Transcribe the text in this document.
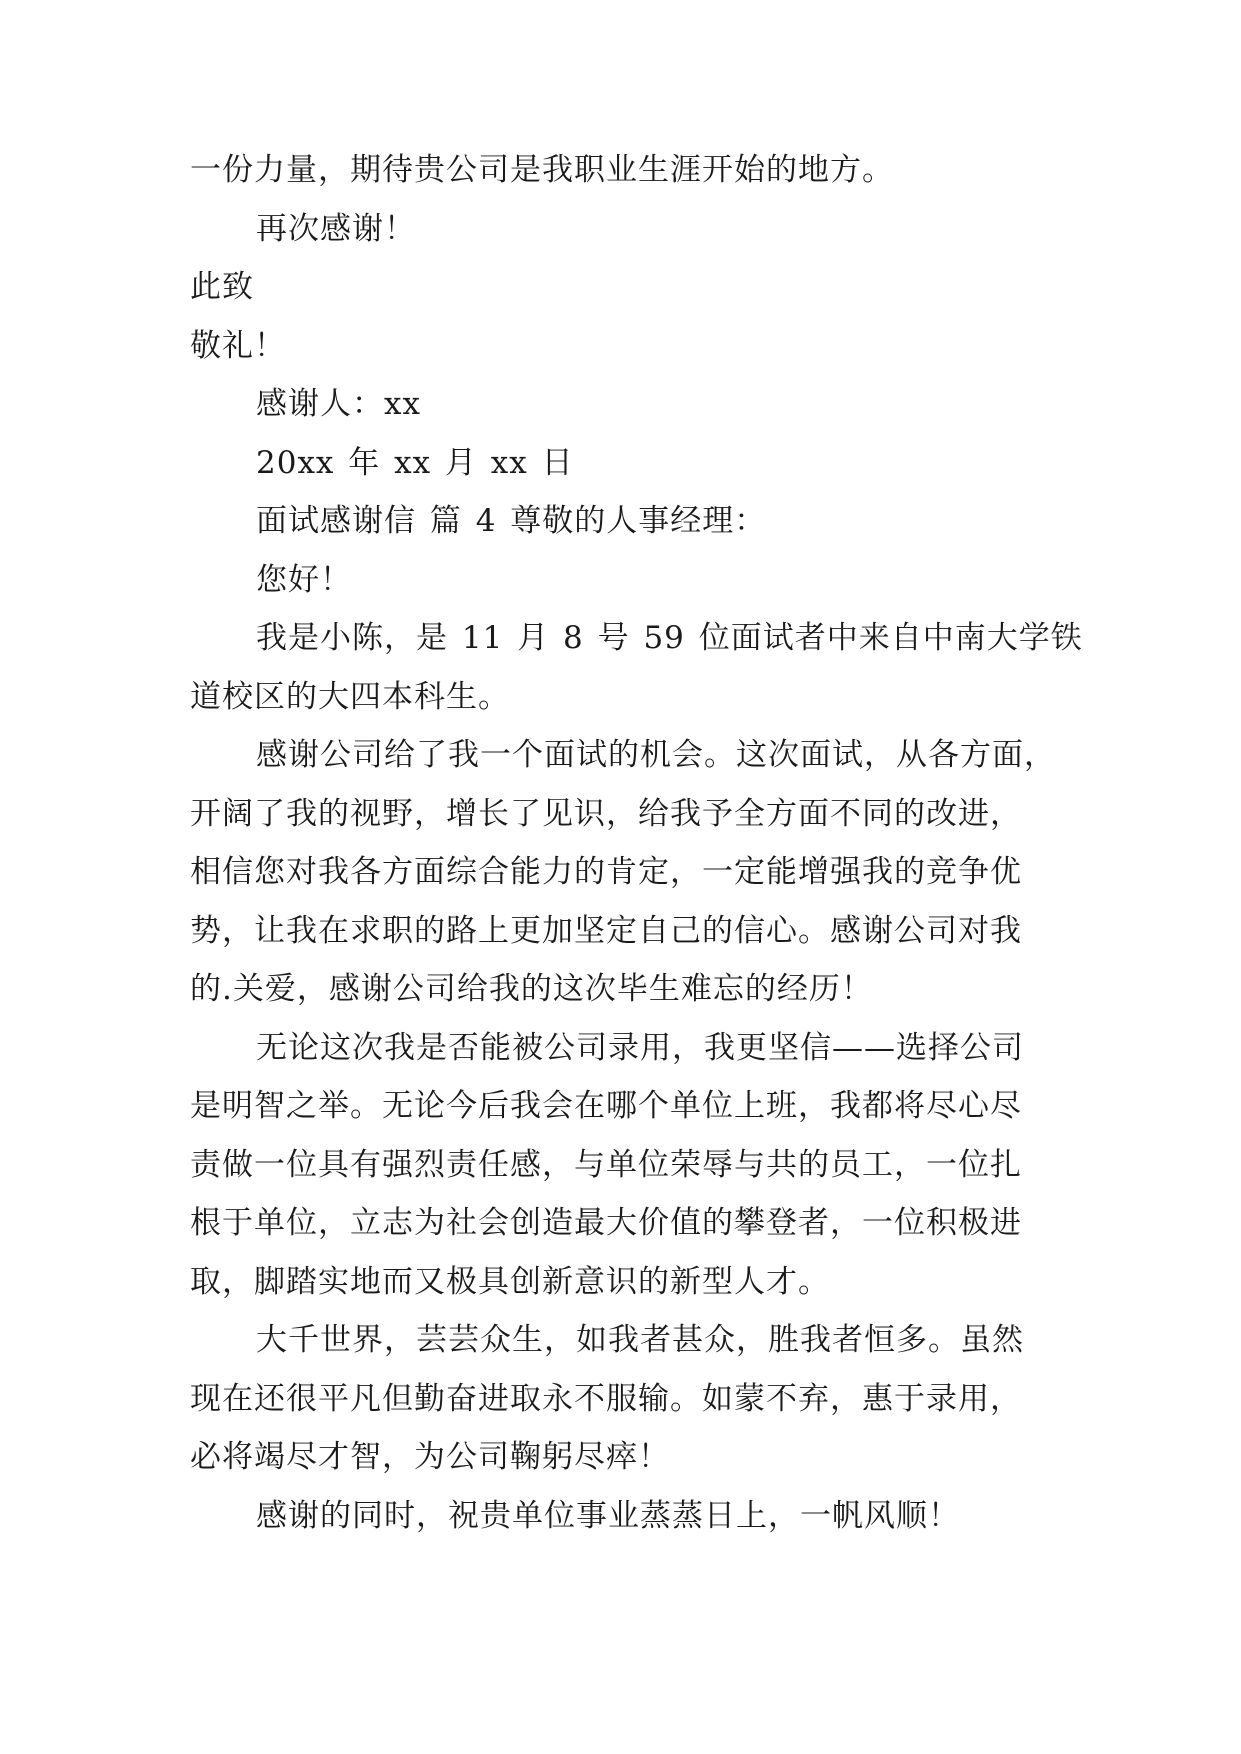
一份力量，期待贵公司是我职业生涯开始的地方。
再次感谢！
此致
敬礼！
感谢人：xx
20xx 年 xx 月 xx 日
面试感谢信 篇 4 尊敬的人事经理：
您好！
我是小陈，是 11 月 8 号 59 位面试者中来自中南大学铁
道校区的大四本科生。
感谢公司给了我一个面试的机会。这次面试，从各方面，
开阔了我的视野，增长了见识，给我予全方面不同的改进，
相信您对我各方面综合能力的肯定，一定能增强我的竞争优
势，让我在求职的路上更加坚定自己的信心。感谢公司对我
的.关爱，感谢公司给我的这次毕生难忘的经历！
无论这次我是否能被公司录用，我更坚信——选择公司
是明智之举。无论今后我会在哪个单位上班，我都将尽心尽
责做一位具有强烈责任感，与单位荣辱与共的员工，一位扎
根于单位，立志为社会创造最大价值的攀登者，一位积极进
取，脚踏实地而又极具创新意识的新型人才。
大千世界，芸芸众生，如我者甚众，胜我者恒多。虽然
现在还很平凡但勤奋进取永不服输。如蒙不弃，惠于录用，
必将竭尽才智，为公司鞠躬尽瘁！
感谢的同时，祝贵单位事业蒸蒸日上，一帆风顺！
